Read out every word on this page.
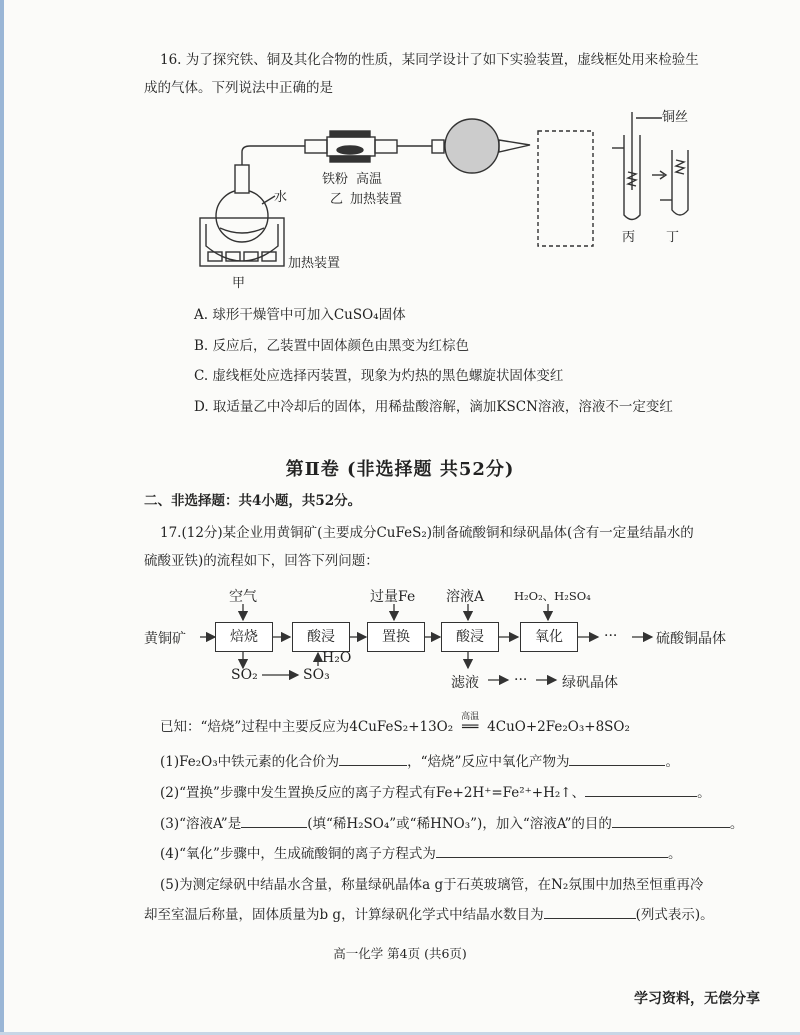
16. 为了探究铁、铜及其化合物的性质，某同学设计了如下实验装置，虚线框处用来检验生
成的气体。下列说法中正确的是
铜丝
水
铁粉 高温
乙 加热装置
加热装置
甲
丙 丁
A. 球形干燥管中可加入CuSO₄固体
B. 反应后，乙装置中固体颜色由黑变为红棕色
C. 虚线框处应选择丙装置，现象为灼热的黑色螺旋状固体变红
D. 取适量乙中冷却后的固体，用稀盐酸溶解，滴加KSCN溶液，溶液不一定变红
第Ⅱ卷 (非选择题 共52分)
二、非选择题：共4小题，共52分。
17.(12分)某企业用黄铜矿(主要成分CuFeS₂)制备硫酸铜和绿矾晶体(含有一定量结晶水的
硫酸亚铁)的流程如下，回答下列问题：
黄铜矿
空气	过量Fe 溶液A	H₂O₂、H₂SO₄
焙烧	酸浸	置换	酸浸	氧化	···	硫酸铜晶体
SO₂	SO₃
H₂O
滤液	··· 绿矾晶体
已知：“焙烧”过程中主要反应为4CuFeS₂+13O₂
高温
══ 4CuO+2Fe₂O₃+8SO₂
(1)Fe₂O₃中铁元素的化合价为	，“焙烧”反应中氧化产物为	。
(2)“置换”步骤中发生置换反应的离子方程式有Fe+2H⁺=Fe²⁺+H₂↑、	。
(3)“溶液A”是	(填“稀H₂SO₄”或“稀HNO₃”)，加入“溶液A”的目的	。
(4)“氧化”步骤中，生成硫酸铜的离子方程式为	。
(5)为测定绿矾中结晶水含量，称量绿矾晶体a g于石英玻璃管，在N₂氛围中加热至恒重再冷
却至室温后称量，固体质量为b g，计算绿矾化学式中结晶水数目为	(列式表示)。
高一化学 第4页 (共6页)
学习资料，无偿分享
